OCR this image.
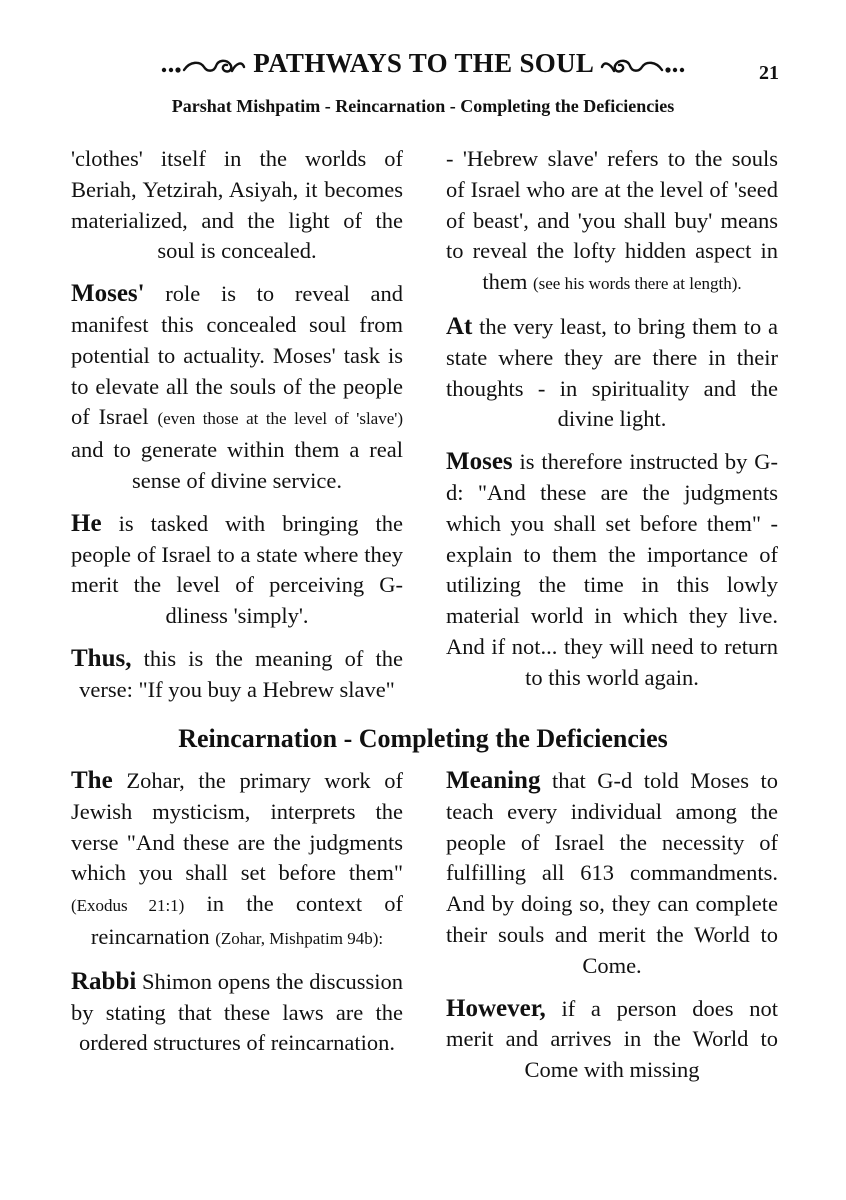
PATHWAYS TO THE SOUL	21
Parshat Mishpatim - Reincarnation - Completing the Deficiencies

'clothes' itself in the worlds of Beriah, Yetzirah, Asiyah, it becomes materialized, and the light of the soul is concealed.

Moses' role is to reveal and manifest this concealed soul from potential to actuality. Moses' task is to elevate all the souls of the people of Israel (even those at the level of 'slave') and to generate within them a real sense of divine service.

He is tasked with bringing the people of Israel to a state where they merit the level of perceiving G-dliness 'simply'.

Thus, this is the meaning of the verse: "If you buy a Hebrew slave"

- 'Hebrew slave' refers to the souls of Israel who are at the level of 'seed of beast', and 'you shall buy' means to reveal the lofty hidden aspect in them (see his words there at length).

At the very least, to bring them to a state where they are there in their thoughts - in spirituality and the divine light.

Moses is therefore instructed by G-d: "And these are the judgments which you shall set before them" - explain to them the importance of utilizing the time in this lowly material world in which they live. And if not... they will need to return to this world again.

Reincarnation - Completing the Deficiencies

The Zohar, the primary work of Jewish mysticism, interprets the verse "And these are the judgments which you shall set before them" (Exodus 21:1) in the context of reincarnation (Zohar, Mishpatim 94b):

Rabbi Shimon opens the discussion by stating that these laws are the ordered structures of reincarnation.

Meaning that G-d told Moses to teach every individual among the people of Israel the necessity of fulfilling all 613 commandments. And by doing so, they can complete their souls and merit the World to Come.

However, if a person does not merit and arrives in the World to Come with missing
